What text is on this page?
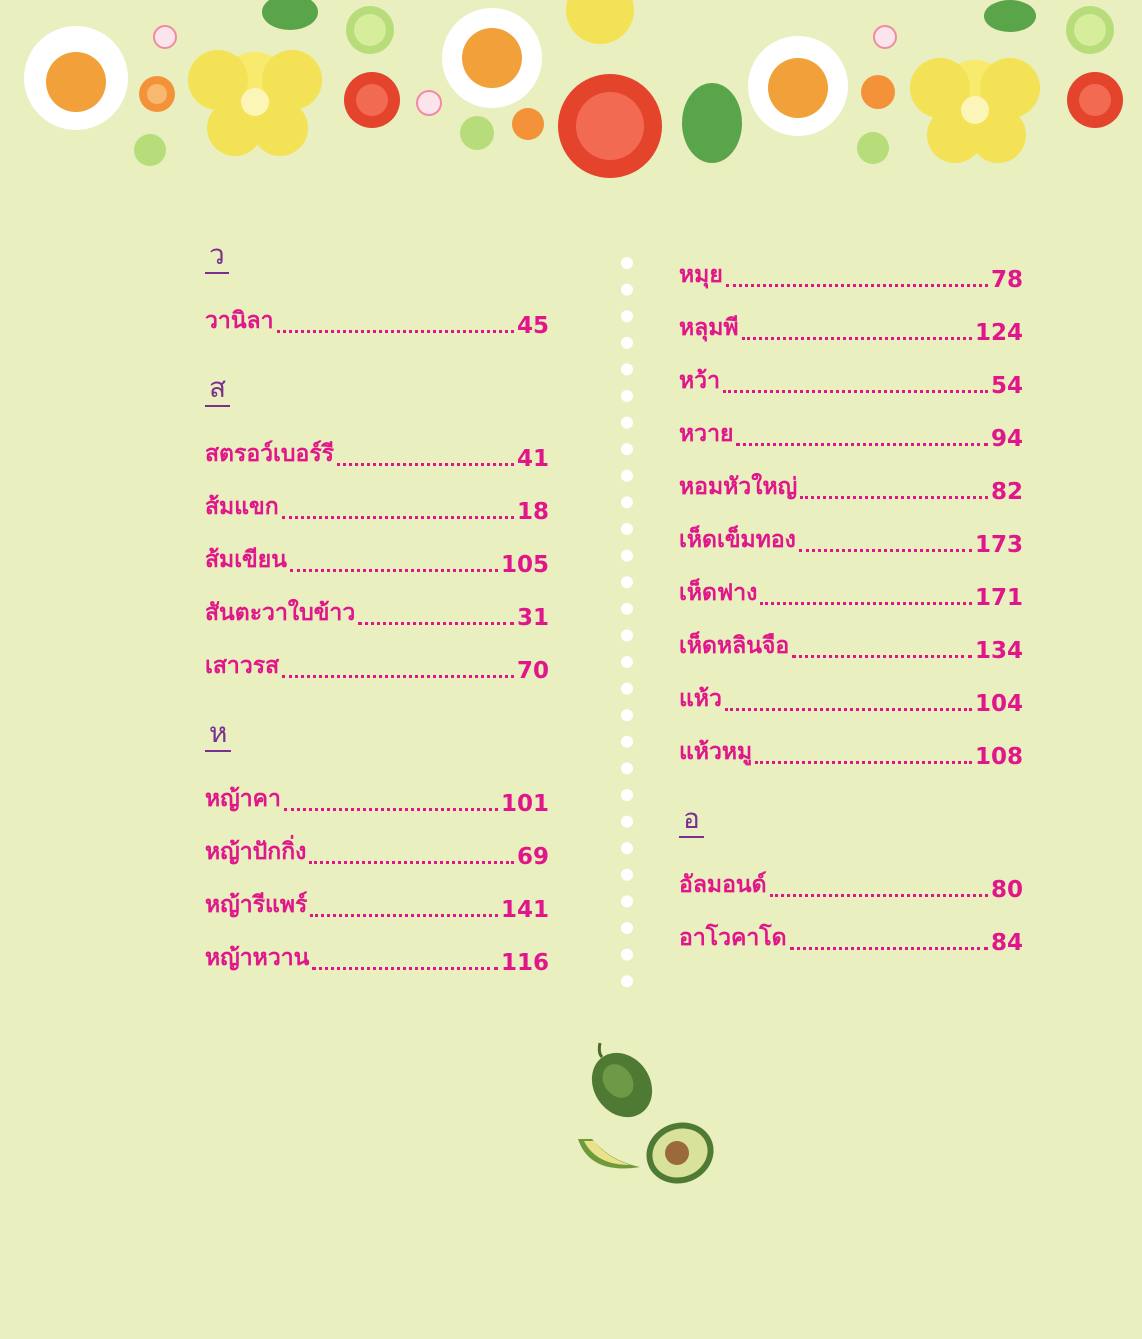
ว
วานิลา	45
ส
สตรอว์เบอร์รี	41
ส้มแขก	18
ส้มเขียน	105
สันตะวาใบข้าว	31
เสาวรส	70
ห
หญ้าคา	101
หญ้าปักกิ่ง	69
หญ้ารีแพร์	141
หญ้าหวาน	116
หมุย	78
หลุมพี	124
หว้า	54
หวาย	94
หอมหัวใหญ่	82
เห็ดเข็มทอง	173
เห็ดฟาง	171
เห็ดหลินจือ	134
แห้ว	104
แห้วหมู	108
อ
อัลมอนด์	80
อาโวคาโด	84
